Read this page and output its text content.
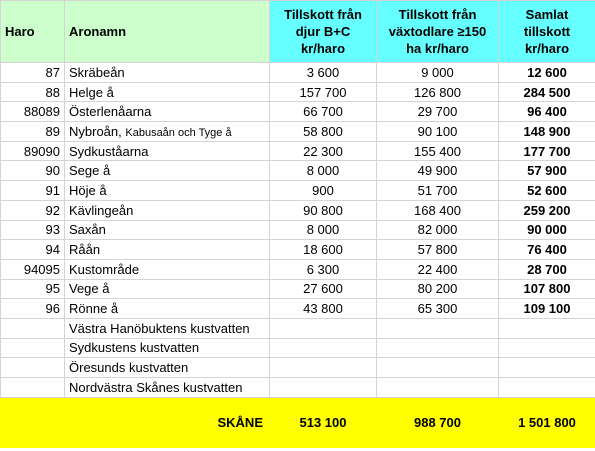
Haro	Aronamn	Tillskott från djur B+C kr/haro	Tillskott från växtodlare ≥150 ha kr/haro	Samlat tillskott kr/haro
87	Skräbeån	3 600	9 000	12 600
88	Helge å	157 700	126 800	284 500
88089	Österlenåarna	66 700	29 700	96 400
89	Nybroån, Kabusaån och Tyge å	58 800	90 100	148 900
89090	Sydkuståarna	22 300	155 400	177 700
90	Sege å	8 000	49 900	57 900
91	Höje å	900	51 700	52 600
92	Kävlingeån	90 800	168 400	259 200
93	Saxån	8 000	82 000	90 000
94	Råån	18 600	57 800	76 400
94095	Kustområde	6 300	22 400	28 700
95	Vege å	27 600	80 200	107 800
96	Rönne å	43 800	65 300	109 100
	Västra Hanöbuktens kustvatten			
	Sydkustens kustvatten			
	Öresunds kustvatten			
	Nordvästra Skånes kustvatten			
	SKÅNE	513 100	988 700	1 501 800
